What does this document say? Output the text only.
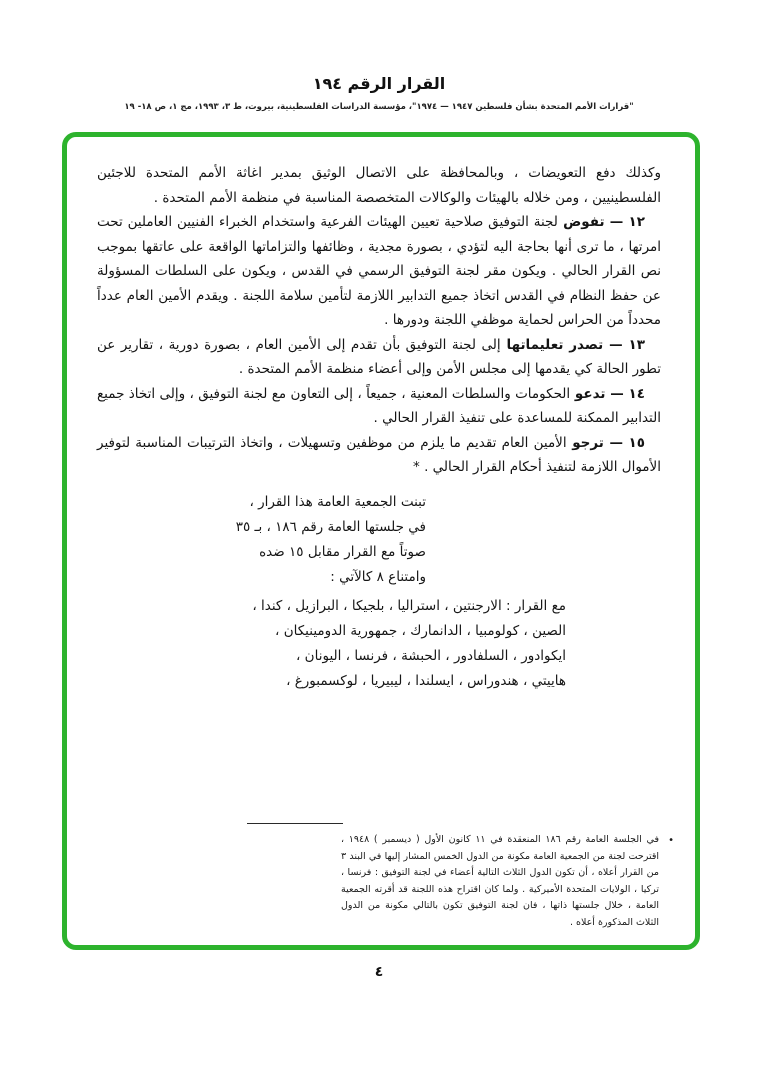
القرار الرقم ١٩٤
"قرارات الأمم المتحدة بشأن فلسطين ١٩٤٧ — ١٩٧٤"، مؤسسة الدراسات الفلسطينية، بيروت، ط ٣، ١٩٩٣، مج ١، ص ١٨- ١٩

وكذلك دفع التعويضات ، وبالمحافظة على الاتصال الوثيق بمدير اغاثة الأمم المتحدة للاجئين الفلسطينيين ، ومن خلاله بالهيئات والوكالات المتخصصة المناسبة في منظمة الأمم المتحدة .

١٢ — تفوض لجنة التوفيق صلاحية تعيين الهيئات الفرعية واستخدام الخبراء الفنيين العاملين تحت امرتها ، ما ترى أنها بحاجة اليه لتؤدي ، بصورة مجدية ، وظائفها والتزاماتها الواقعة على عاتقها بموجب نص القرار الحالي . ويكون مقر لجنة التوفيق الرسمي في القدس ، ويكون على السلطات المسؤولة عن حفظ النظام في القدس اتخاذ جميع التدابير اللازمة لتأمين سلامة اللجنة . ويقدم الأمين العام عدداً محدداً من الحراس لحماية موظفي اللجنة ودورها .

١٣ — تصدر تعليماتها إلى لجنة التوفيق بأن تقدم إلى الأمين العام ، بصورة دورية ، تقارير عن تطور الحالة كي يقدمها إلى مجلس الأمن وإلى أعضاء منظمة الأمم المتحدة .

١٤ — تدعو الحكومات والسلطات المعنية ، جميعاً ، إلى التعاون مع لجنة التوفيق ، وإلى اتخاذ جميع التدابير الممكنة للمساعدة على تنفيذ القرار الحالي .

١٥ — ترجو الأمين العام تقديم ما يلزم من موظفين وتسهيلات ، واتخاذ الترتيبات المناسبة لتوفير الأموال اللازمة لتنفيذ أحكام القرار الحالي . *

تبنت الجمعية العامة هذا القرار ،
في جلستها العامة رقم ١٨٦ ، بـ ٣٥
صوتاً مع القرار مقابل ١٥ ضده
وامتناع ٨ كالآتي :
مع القرار : الارجنتين ، استراليا ، بلجيكا ، البرازيل ، كندا ،
الصين ، كولومبيا ، الدانمارك ، جمهورية الدومينيكان ،
ايكوادور ، السلفادور ، الحبشة ، فرنسا ، اليونان ،
هاييتي ، هندوراس ، ايسلندا ، ليبيريا ، لوكسمبورغ ،
•
في الجلسة العامة رقم ١٨٦ المنعقدة في ١١ كانون الأول ( ديسمبر ) ١٩٤٨ ، اقترحت لجنة من الجمعية العامة مكونة من الدول الخمس المشار إليها في البند ٣ من القرار أعلاه ، أن تكون الدول الثلاث التالية أعضاء في لجنة التوفيق : فرنسا ، تركيا ، الولايات المتحدة الأميركية . ولما كان اقتراح هذه اللجنة قد أقرته الجمعية العامة ، خلال جلستها ذاتها ، فان لجنة التوفيق تكون بالتالي مكونة من الدول الثلاث المذكورة أعلاه .
٤
